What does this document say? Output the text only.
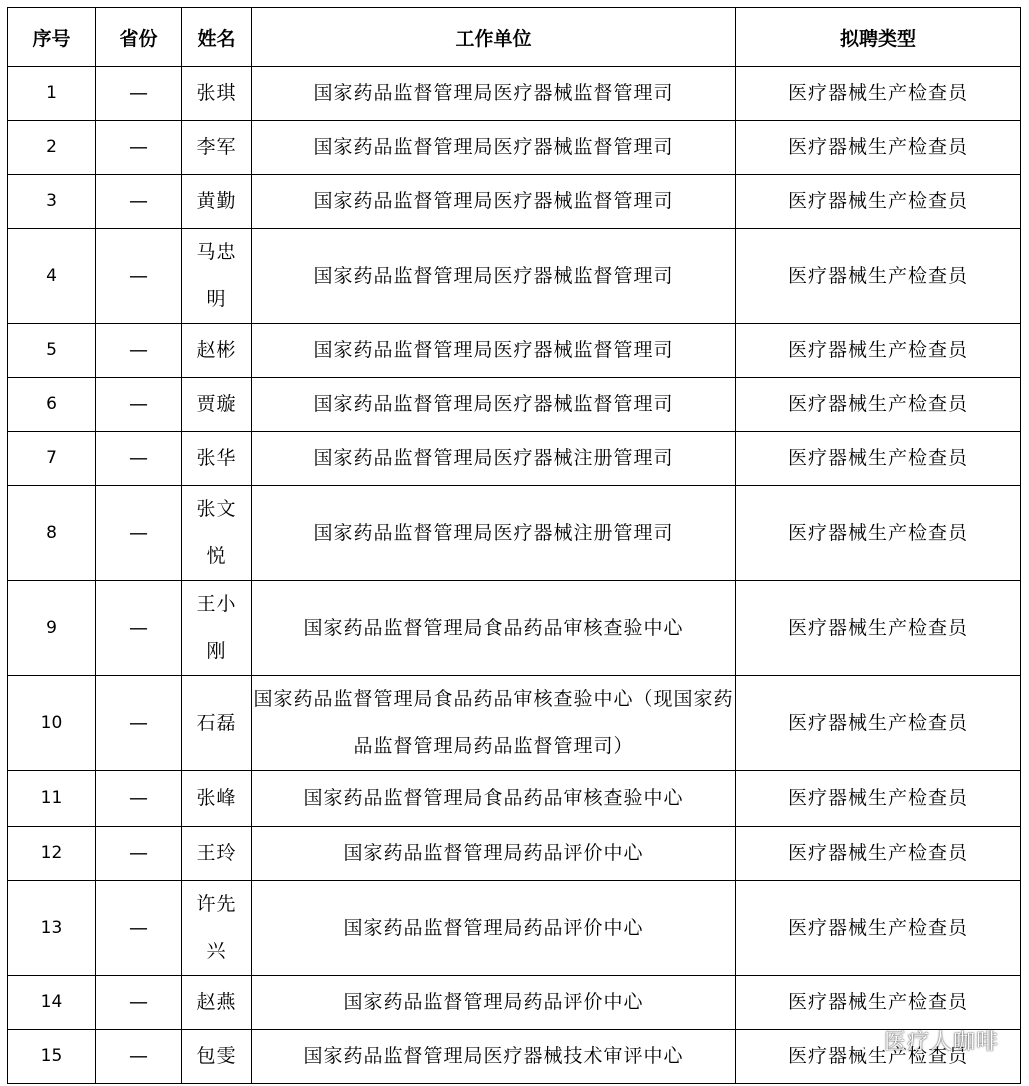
序号	省份	姓名	工作单位	拟聘类型
1	—	张琪	国家药品监督管理局医疗器械监督管理司	医疗器械生产检查员
2	—	李军	国家药品监督管理局医疗器械监督管理司	医疗器械生产检查员
3	—	黄勤	国家药品监督管理局医疗器械监督管理司	医疗器械生产检查员
4	—	马忠明	国家药品监督管理局医疗器械监督管理司	医疗器械生产检查员
5	—	赵彬	国家药品监督管理局医疗器械监督管理司	医疗器械生产检查员
6	—	贾璇	国家药品监督管理局医疗器械监督管理司	医疗器械生产检查员
7	—	张华	国家药品监督管理局医疗器械注册管理司	医疗器械生产检查员
8	—	张文悦	国家药品监督管理局医疗器械注册管理司	医疗器械生产检查员
9	—	王小刚	国家药品监督管理局食品药品审核查验中心	医疗器械生产检查员
10	—	石磊	国家药品监督管理局食品药品审核查验中心（现国家药品监督管理局药品监督管理司）	医疗器械生产检查员
11	—	张峰	国家药品监督管理局食品药品审核查验中心	医疗器械生产检查员
12	—	王玲	国家药品监督管理局药品评价中心	医疗器械生产检查员
13	—	许先兴	国家药品监督管理局药品评价中心	医疗器械生产检查员
14	—	赵燕	国家药品监督管理局药品评价中心	医疗器械生产检查员
15	—	包雯	国家药品监督管理局医疗器械技术审评中心	医疗器械生产检查员
医疗人咖啡
